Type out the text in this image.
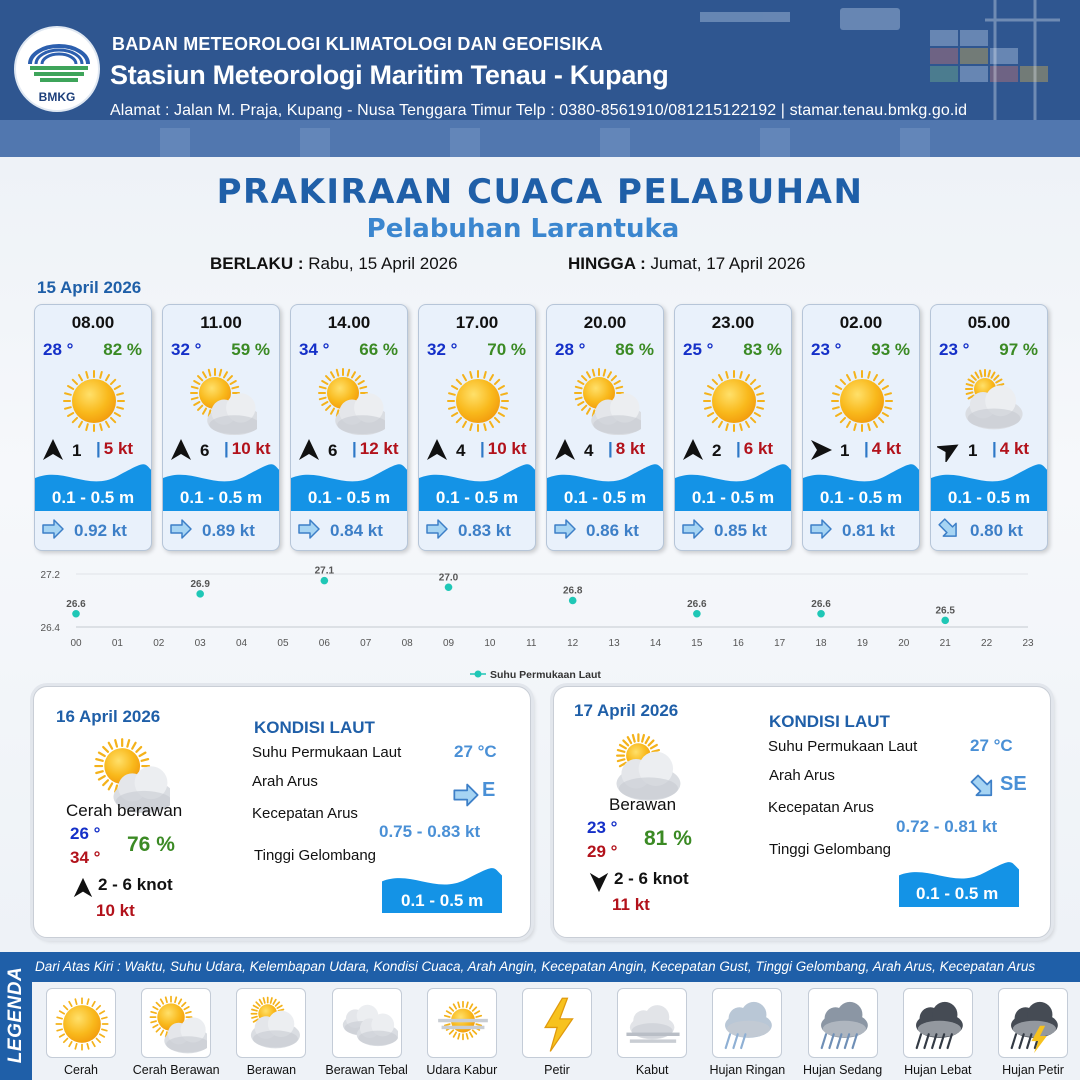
BMKG
BADAN METEOROLOGI KLIMATOLOGI DAN GEOFISIKA
Stasiun Meteorologi Maritim Tenau - Kupang
Alamat : Jalan M. Praja, Kupang - Nusa Tenggara Timur Telp : 0380-8561910/081215122192 | stamar.tenau.bmkg.go.id
PRAKIRAAN CUACA PELABUHAN
Pelabuhan Larantuka
BERLAKU : Rabu, 15 April 2026	HINGGA : Jumat, 17 April 2026
15 April 2026
08.00
28 ° 82 %
1 | 5 kt
0.1 - 0.5 m
0.92 kt
11.00
32 ° 59 %
6 | 10 kt
0.1 - 0.5 m
0.89 kt
14.00
34 ° 66 %
6 | 12 kt
0.1 - 0.5 m
0.84 kt
17.00
32 ° 70 %
4 | 10 kt
0.1 - 0.5 m
0.83 kt
20.00
28 ° 86 %
4 | 8 kt
0.1 - 0.5 m
0.86 kt
23.00
25 ° 83 %
2 | 6 kt
0.1 - 0.5 m
0.85 kt
02.00
23 ° 93 %
1 | 4 kt
0.1 - 0.5 m
0.81 kt
05.00
23 ° 97 %
1 | 4 kt
0.1 - 0.5 m
0.80 kt
27.2
26.4
00	01	02	03	04	05	06	07	08	09	10	11	12	13	14	15	16	17	18	19	20	21	22	23
26.6
26.9
27.1
27.0
26.8
26.6	26.6
26.5
Suhu Permukaan Laut
16 April 2026
Cerah berawan
26 °
34 °
76 %
2 - 6 knot
10 kt
KONDISI LAUT
Suhu Permukaan Laut	27 °C
Arah Arus	E
Kecepatan Arus
0.75 - 0.83 kt
Tinggi Gelombang
0.1 - 0.5 m
17 April 2026
Berawan
23 °
29 °
81 %
2 - 6 knot
11 kt
KONDISI LAUT
Suhu Permukaan Laut	27 °C
Arah Arus	SE
Kecepatan Arus
0.72 - 0.81 kt
Tinggi Gelombang
0.1 - 0.5 m
LEGENDA
Dari Atas Kiri : Waktu, Suhu Udara, Kelembapan Udara, Kondisi Cuaca, Arah Angin, Kecepatan Angin, Kecepatan Gust, Tinggi Gelombang, Arah Arus, Kecepatan Arus
Cerah	Cerah Berawan	Berawan	Berawan Tebal	Udara Kabur	Petir	Kabut	Hujan Ringan	Hujan Sedang	Hujan Lebat	Hujan Petir
